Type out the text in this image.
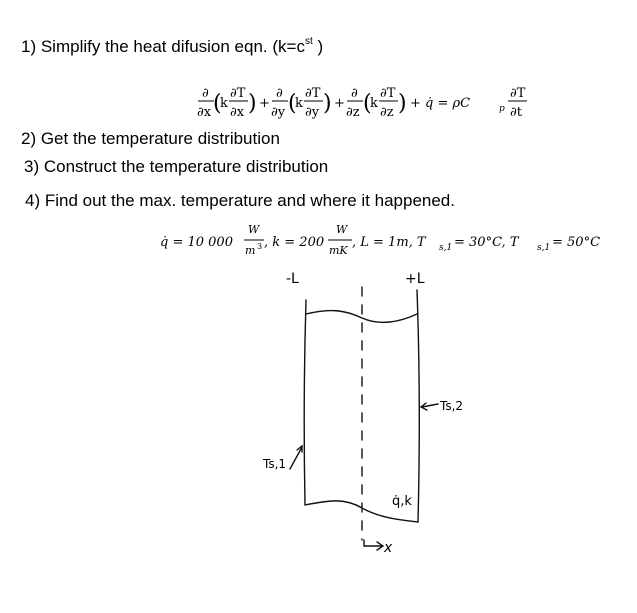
1) Simplify the heat difusion eqn. ($k=c^{st}$ )
2) Get the temperature distribution
3) Construct the temperature distribution
4) Find out the max. temperature and where it happened.
∂
∂x (
k
∂T
∂x ) +
∂
∂y (
k
∂T
∂y ) +
∂
∂z (
k
∂T
∂z ) + q̇ = ρC	p
∂T
∂t
q̇ = 10 000
W
m 3 , k = 200
W
mK
, L = 1m, T s,1 = 30°C, T s,1 = 50°C
-L	+L
Ts,2
Ts,1
q̇,k
x
